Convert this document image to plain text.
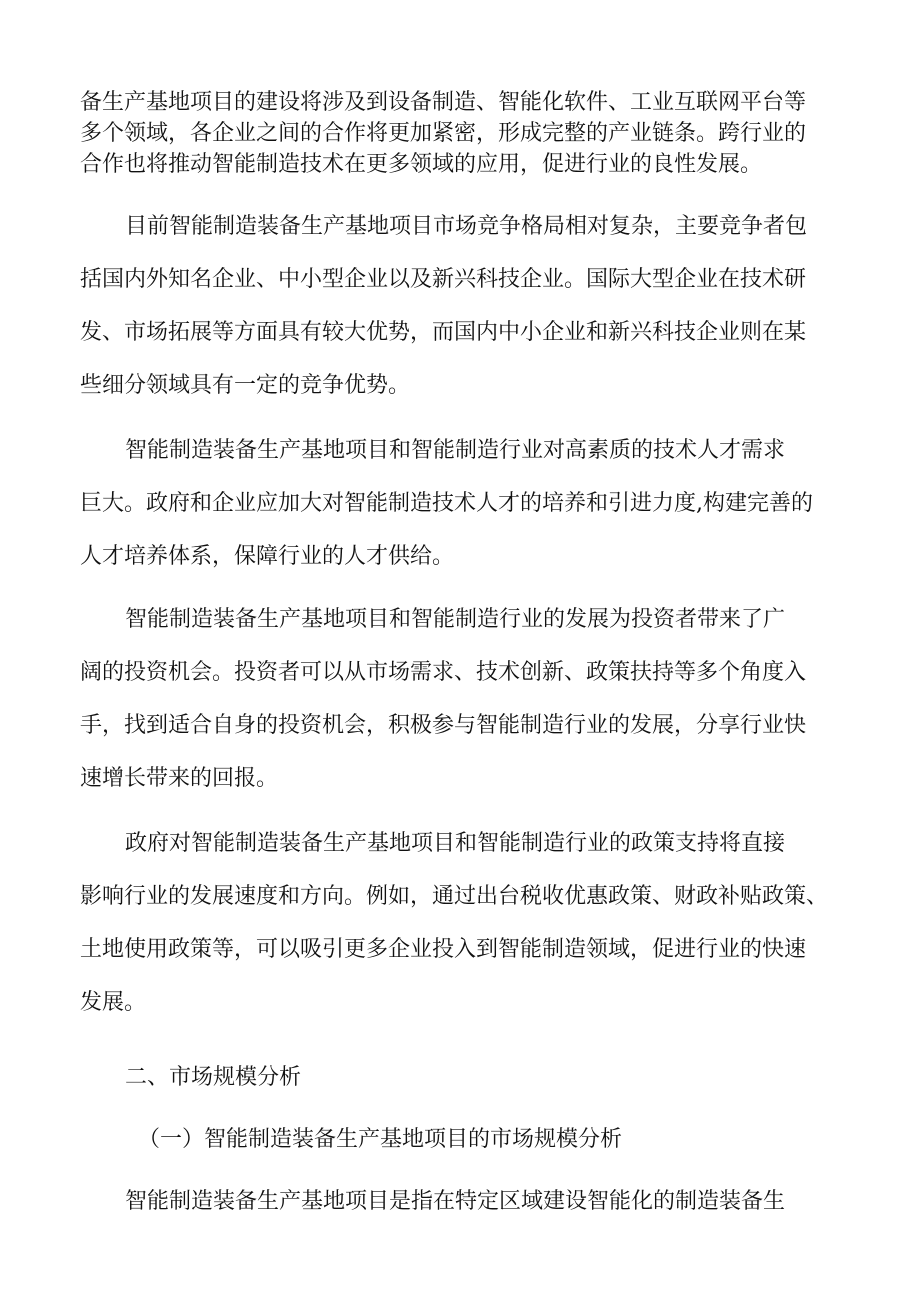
备生产基地项目的建设将涉及到设备制造、智能化软件、工业互联网平台等
多个领域，各企业之间的合作将更加紧密，形成完整的产业链条。跨行业的
合作也将推动智能制造技术在更多领域的应用，促进行业的良性发展。
目前智能制造装备生产基地项目市场竞争格局相对复杂，主要竞争者包
括国内外知名企业、中小型企业以及新兴科技企业。国际大型企业在技术研
发、市场拓展等方面具有较大优势，而国内中小企业和新兴科技企业则在某
些细分领域具有一定的竞争优势。
智能制造装备生产基地项目和智能制造行业对高素质的技术人才需求
巨大。政府和企业应加大对智能制造技术人才的培养和引进力度,构建完善的
人才培养体系，保障行业的人才供给。
智能制造装备生产基地项目和智能制造行业的发展为投资者带来了广
阔的投资机会。投资者可以从市场需求、技术创新、政策扶持等多个角度入
手，找到适合自身的投资机会，积极参与智能制造行业的发展，分享行业快
速增长带来的回报。
政府对智能制造装备生产基地项目和智能制造行业的政策支持将直接
影响行业的发展速度和方向。例如，通过出台税收优惠政策、财政补贴政策、
土地使用政策等，可以吸引更多企业投入到智能制造领域，促进行业的快速
发展。
二、市场规模分析
（一）智能制造装备生产基地项目的市场规模分析
智能制造装备生产基地项目是指在特定区域建设智能化的制造装备生
